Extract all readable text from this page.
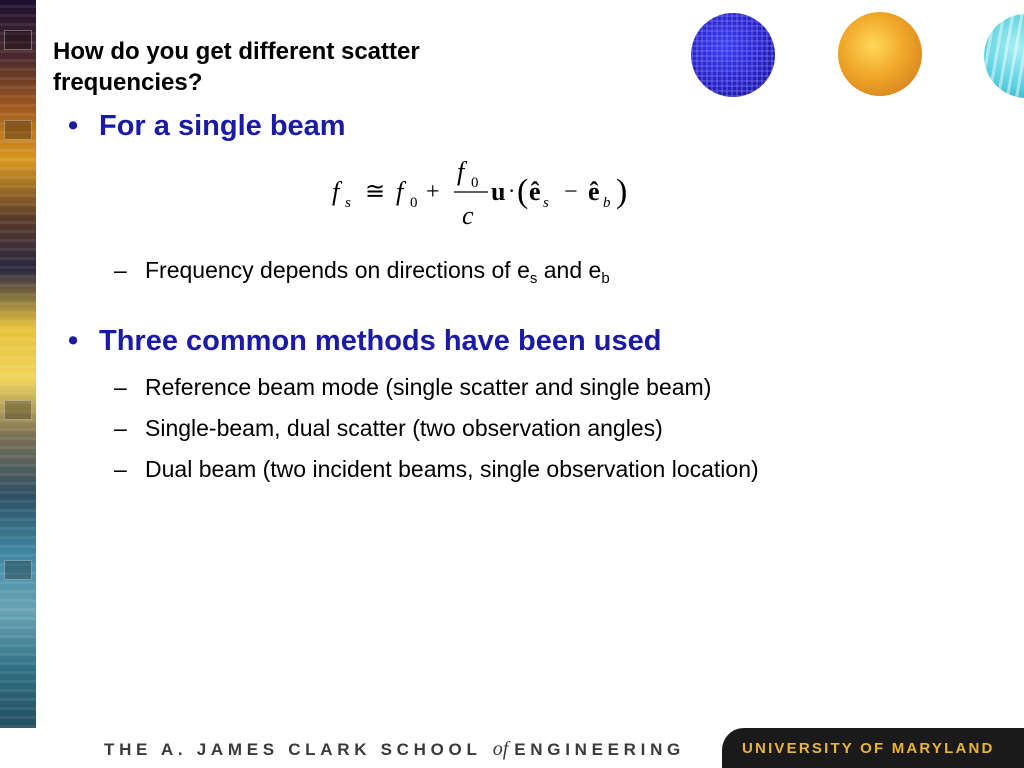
How do you get different scatter
frequencies?
• For a single beam
f s ≅ f 0 +
f 0
c
u · ( ê s − ê b )
– Frequency depends on directions of $e_s$ and $e_b$
• Three common methods have been used
– Reference beam mode (single scatter and single beam)
– Single-beam, dual scatter (two observation angles)
– Dual beam (two incident beams, single observation location)
THE A. JAMES CLARK SCHOOL of ENGINEERING	UNIVERSITY OF MARYLAND
